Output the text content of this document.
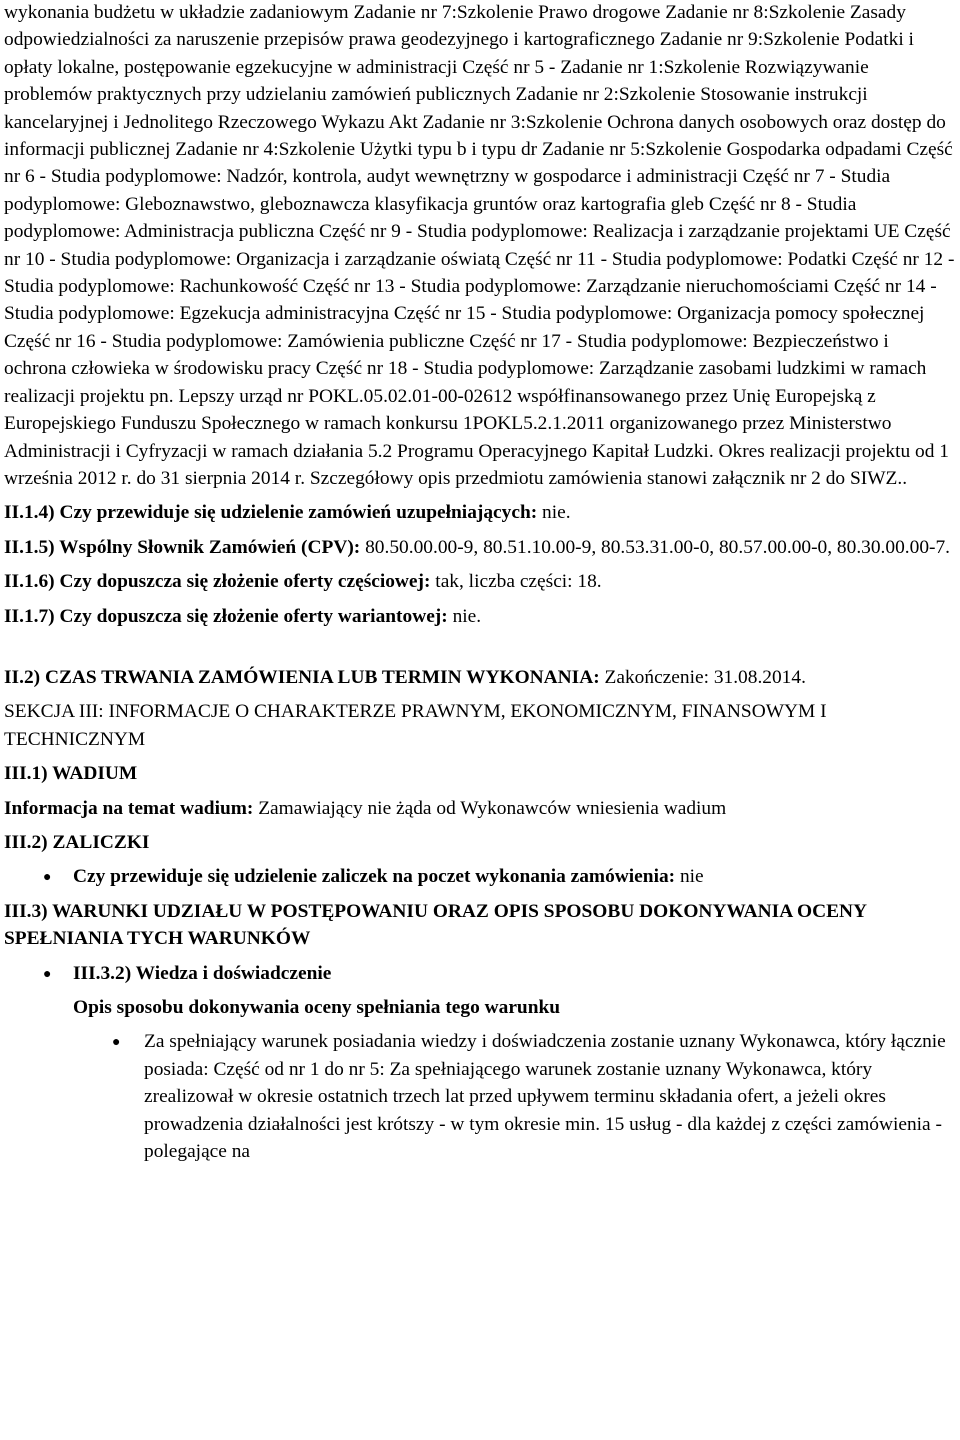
wykonania budżetu w układzie zadaniowym Zadanie nr 7:Szkolenie Prawo drogowe Zadanie nr 8:Szkolenie Zasady odpowiedzialności za naruszenie przepisów prawa geodezyjnego i kartograficznego Zadanie nr 9:Szkolenie Podatki i opłaty lokalne, postępowanie egzekucyjne w administracji Część nr 5 - Zadanie nr 1:Szkolenie Rozwiązywanie problemów praktycznych przy udzielaniu zamówień publicznych Zadanie nr 2:Szkolenie Stosowanie instrukcji kancelaryjnej i Jednolitego Rzeczowego Wykazu Akt Zadanie nr 3:Szkolenie Ochrona danych osobowych oraz dostęp do informacji publicznej Zadanie nr 4:Szkolenie Użytki typu b i typu dr Zadanie nr 5:Szkolenie Gospodarka odpadami Część nr 6 - Studia podyplomowe: Nadzór, kontrola, audyt wewnętrzny w gospodarce i administracji Część nr 7 - Studia podyplomowe: Gleboznawstwo, gleboznawcza klasyfikacja gruntów oraz kartografia gleb Część nr 8 - Studia podyplomowe: Administracja publiczna Część nr 9 - Studia podyplomowe: Realizacja i zarządzanie projektami UE Część nr 10 - Studia podyplomowe: Organizacja i zarządzanie oświatą Część nr 11 - Studia podyplomowe: Podatki Część nr 12 - Studia podyplomowe: Rachunkowość Część nr 13 - Studia podyplomowe: Zarządzanie nieruchomościami Część nr 14 - Studia podyplomowe: Egzekucja administracyjna Część nr 15 - Studia podyplomowe: Organizacja pomocy społecznej Część nr 16 - Studia podyplomowe: Zamówienia publiczne Część nr 17 - Studia podyplomowe: Bezpieczeństwo i ochrona człowieka w środowisku pracy Część nr 18 - Studia podyplomowe: Zarządzanie zasobami ludzkimi w ramach realizacji projektu pn. Lepszy urząd nr POKL.05.02.01-00-02612 współfinansowanego przez Unię Europejską z Europejskiego Funduszu Społecznego w ramach konkursu 1POKL5.2.1.2011 organizowanego przez Ministerstwo Administracji i Cyfryzacji w ramach działania 5.2 Programu Operacyjnego Kapitał Ludzki. Okres realizacji projektu od 1 września 2012 r. do 31 sierpnia 2014 r. Szczegółowy opis przedmiotu zamówienia stanowi załącznik nr 2 do SIWZ..

II.1.4) Czy przewiduje się udzielenie zamówień uzupełniających: nie.

II.1.5) Wspólny Słownik Zamówień (CPV): 80.50.00.00-9, 80.51.10.00-9, 80.53.31.00-0, 80.57.00.00-0, 80.30.00.00-7.

II.1.6) Czy dopuszcza się złożenie oferty częściowej: tak, liczba części: 18.

II.1.7) Czy dopuszcza się złożenie oferty wariantowej: nie.

II.2) CZAS TRWANIA ZAMÓWIENIA LUB TERMIN WYKONANIA: Zakończenie: 31.08.2014.

SEKCJA III: INFORMACJE O CHARAKTERZE PRAWNYM, EKONOMICZNYM, FINANSOWYM I TECHNICZNYM

III.1) WADIUM

Informacja na temat wadium: Zamawiający nie żąda od Wykonawców wniesienia wadium

III.2) ZALICZKI

● Czy przewiduje się udzielenie zaliczek na poczet wykonania zamówienia: nie

III.3) WARUNKI UDZIAŁU W POSTĘPOWANIU ORAZ OPIS SPOSOBU DOKONYWANIA OCENY SPEŁNIANIA TYCH WARUNKÓW

● III.3.2) Wiedza i doświadczenie

Opis sposobu dokonywania oceny spełniania tego warunku

● Za spełniający warunek posiadania wiedzy i doświadczenia zostanie uznany Wykonawca, który łącznie posiada: Część od nr 1 do nr 5: Za spełniającego warunek zostanie uznany Wykonawca, który zrealizował w okresie ostatnich trzech lat przed upływem terminu składania ofert, a jeżeli okres prowadzenia działalności jest krótszy - w tym okresie min. 15 usług - dla każdej z części zamówienia - polegające na
